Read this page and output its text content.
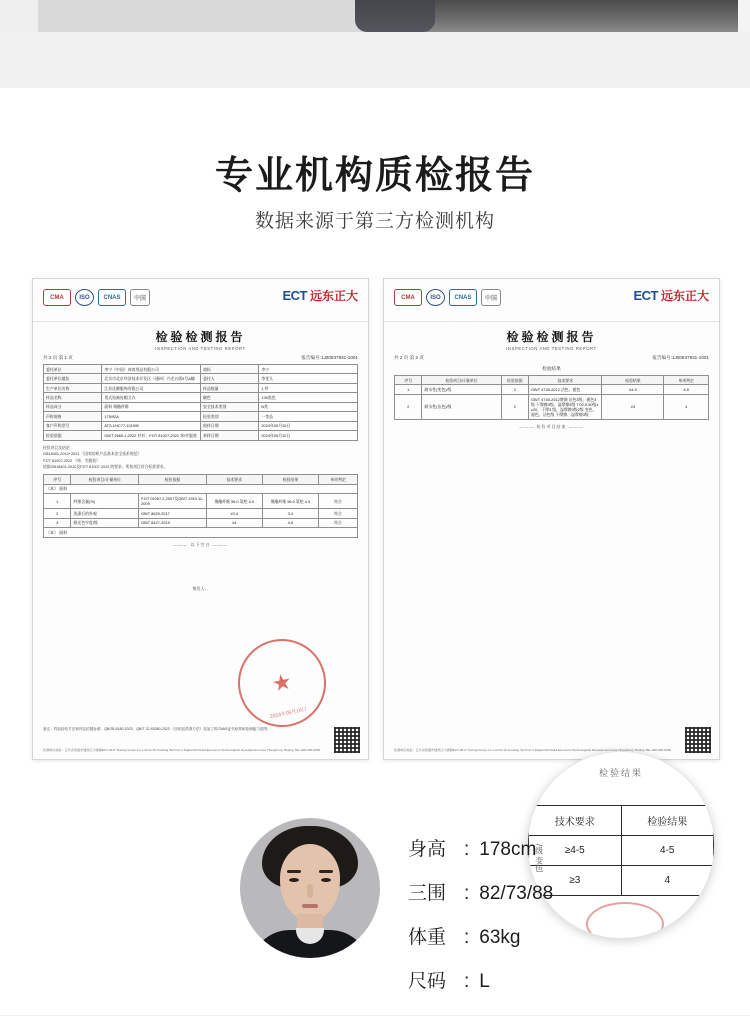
专业机构质检报告
数据来源于第三方检测机构
CMA	ISO	CNAS	中国	ECT 远东正大
检验检测报告
INSPECTION AND TESTING REPORT
共 2 页 第 1 页	报告编号:1J00637931-1001
委托单位	李宁（中国）体育用品有限公司	商标	李宁
委托单位地址	北京市北京经济技术开发区（通州）兴光五街9号A幢	委托人	李雯儿
生产单位名称	江苏佳腾服饰有限公司	样品数量	1 件
样品名称	男式短袖连帽卫衣	颜色	130黑色
样品成分	面料 聚酯纤维	安全技术类别	B类
声称规格	175/92A	检验类别	一等品
客户声称型号	ATS-LHC77-1019/B	收样日期	2024年05月10日
检验依据	GB/T 2660-1:2022 衬衫；FZ/T 81007-2022 单/夹服装	来样日期	2024年05月10日
检验项目及结论：
GB18401-2010+2021 《国家纺织产品基本安全技术规范》
FZ/T 81007-2022 《单、夹服装》
依据GB18401-2010及FZ/T 81007-2022 的要求，所检项目符合标准要求。
序号	检验项目/计量单位	检验依据	技术要求	检验结果	单项判定
（本） 面料					
1	纤维含量(%)	FZ/T 01057.2-2007及GB/T 2910.11-2009	聚酯纤维 96.0 氨纶 4.0	聚酯纤维 96.0 氨纶 4.0	符合
2	洗涤后的外观	GB/T 8629-2017	≥3-4	3-4	符合
3	耐光色牢度/级	GB/T 8427-2019	≥4	4-5	符合
（本） 面料					
——— 以下空白 ———
★
2024年05月16日
签发人：
备注：样品检验方法和判定依据参照：QB/JB 8180-2023、QB/T 32.83080-2023 《纺织品洗涤方法》及加工的CNAS证书标准和检测能力范围。
检测单位地址：江苏省南通市通州区川港镇ECT-2017 Testing Group Co.,Ltd No.16 Guoding Tech No.1 Digital 5th Road,Economic Technological Development Area (Tongzhou), Beijing TEL:400-000-0000
CMA	ISO	CNAS	中国	ECT 远东正大
检验检测报告
INSPECTION AND TESTING REPORT
共 2 页 第 2 页	报告编号:1J00637931-1001
检验结果
序号	检验项目/计量单位	检验依据	技术要求	检验结果	单项判定
1	耐水性(变色)/级	2	GB/T 4745-2012 沾色、褪色	≥4-5	4-5
2	耐水性(沾色)/级	2	GB/T 4745-2012增测 沾色3级、褪色3级 干摩擦3级、湿摩擦3级 T'02,0.50级xc20，干摩3 级，湿摩擦3级2级 变色、褪色、沾色级 干摩擦、湿摩擦3级	≥3	4
——— 检验项目结束 ———
检测单位地址：江苏省南通市通州区川港镇ECT-2017 Testing Group Co.,Ltd No.16 Guoding Tech No.1 Digital 5th Road,Economic Technological Development Area (Tongzhou), Beijing TEL:400-000-0000
检验结果
技术要求	检验结果
≥4-5	4-5
≥3	4
/级 变色
身高 : 178cm
三围 : 82/73/88
体重 : 63kg
尺码 : L
